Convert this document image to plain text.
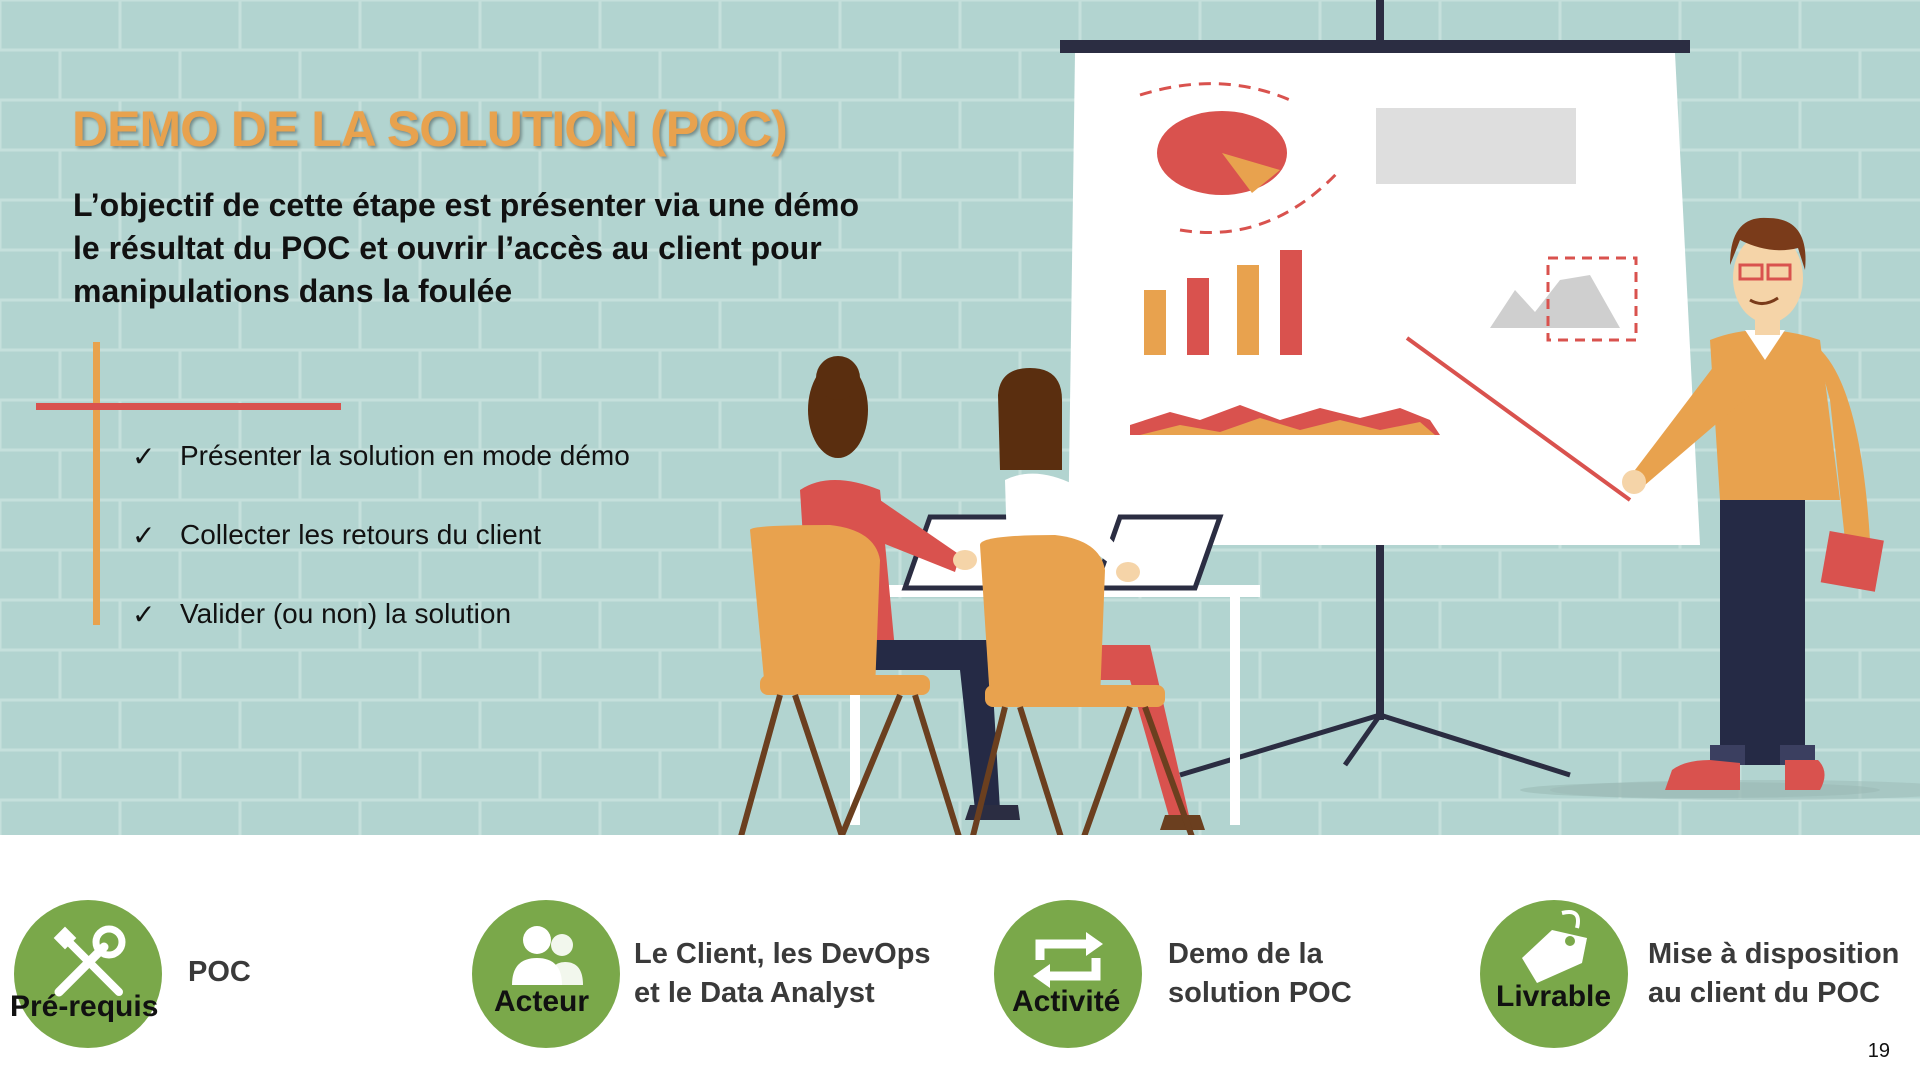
DEMO DE LA SOLUTION (POC)
L’objectif de cette étape est présenter via une démo le résultat du POC et ouvrir l’accès au client pour manipulations dans la foulée
✓ Présenter la solution en mode démo
✓ Collecter les retours du client
✓ Valider (ou non) la solution
Pré-requis
POC
Acteur
Le Client, les DevOps
et le Data Analyst	Activité
Demo de la
solution POC	Livrable
Mise à disposition
au client du POC
19
